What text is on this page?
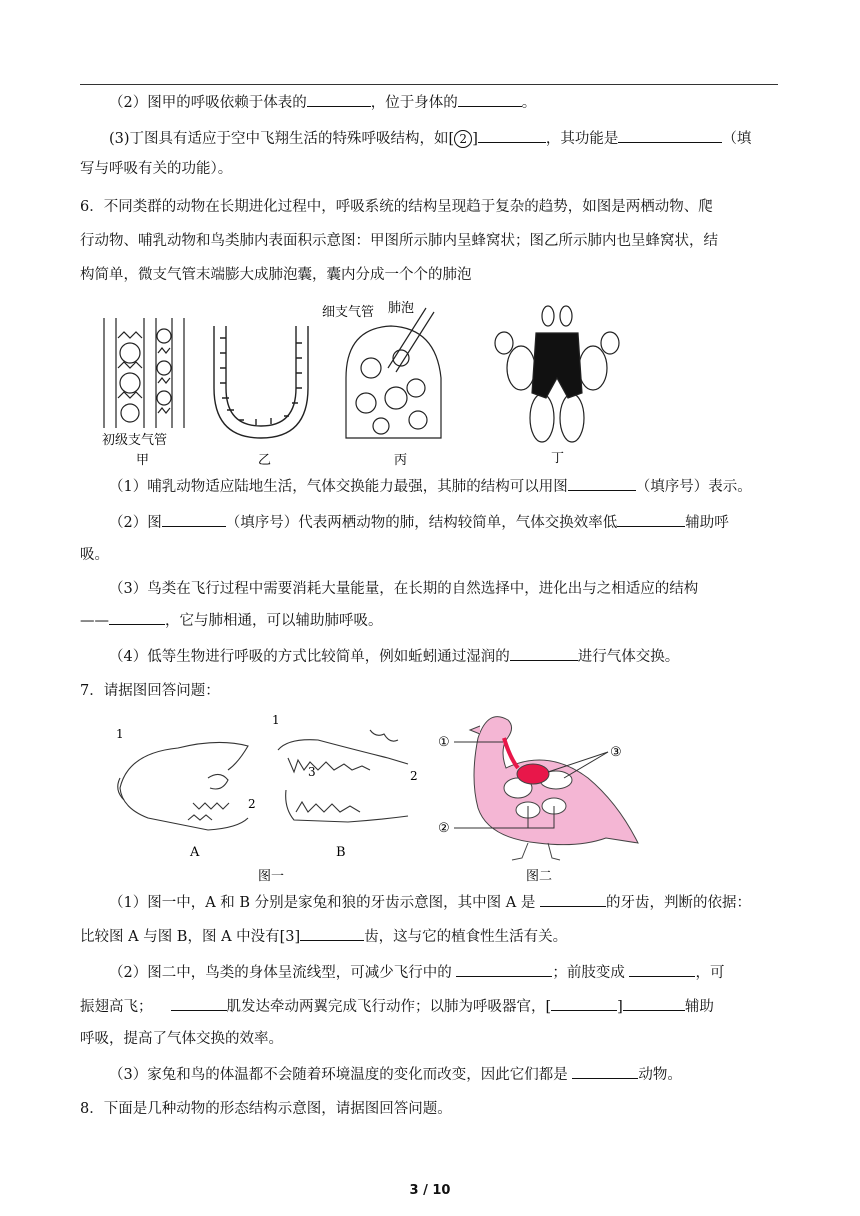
（2）图甲的呼吸依赖于体表的	，位于身体的	。
(3)丁图具有适应于空中飞翔生活的特殊呼吸结构，如[ 2 ]	，其功能是	（填
写与呼吸有关的功能）。
6．不同类群的动物在长期进化过程中，呼吸系统的结构呈现趋于复杂的趋势，如图是两栖动物、爬
行动物、哺乳动物和鸟类肺内表面积示意图：甲图所示肺内呈蜂窝状；图乙所示肺内也呈蜂窝状，结
构简单，微支气管末端膨大成肺泡囊，囊内分成一个个的肺泡
初级支气管
甲	乙
细支气管 肺泡
丙	丁
（1）哺乳动物适应陆地生活，气体交换能力最强，其肺的结构可以用图	（填序号）表示。
（2）图	（填序号）代表两栖动物的肺，结构较简单，气体交换效率低	辅助呼
吸。
（3）鸟类在飞行过程中需要消耗大量能量，在长期的自然选择中，进化出与之相适应的结构
——	，它与肺相通，可以辅助肺呼吸。
（4）低等生物进行呼吸的方式比较简单，例如蚯蚓通过湿润的	进行气体交换。
7．请据图回答问题：
1
2
A
1
3	2
B
图一
①
③
②
图二
（1）图一中，A 和 B 分别是家兔和狼的牙齿示意图，其中图 A 是	的牙齿，判断的依据：
比较图 A 与图 B，图 A 中没有[3]	齿，这与它的植食性生活有关。
（2）图二中，鸟类的身体呈流线型，可减少飞行中的	；前肢变成	，可
振翅高飞；	肌发达牵动两翼完成飞行动作；以肺为呼吸器官，[	]	辅助
呼吸，提高了气体交换的效率。
（3）家兔和鸟的体温都不会随着环境温度的变化而改变，因此它们都是	动物。
8．下面是几种动物的形态结构示意图，请据图回答问题。
3 / 10
